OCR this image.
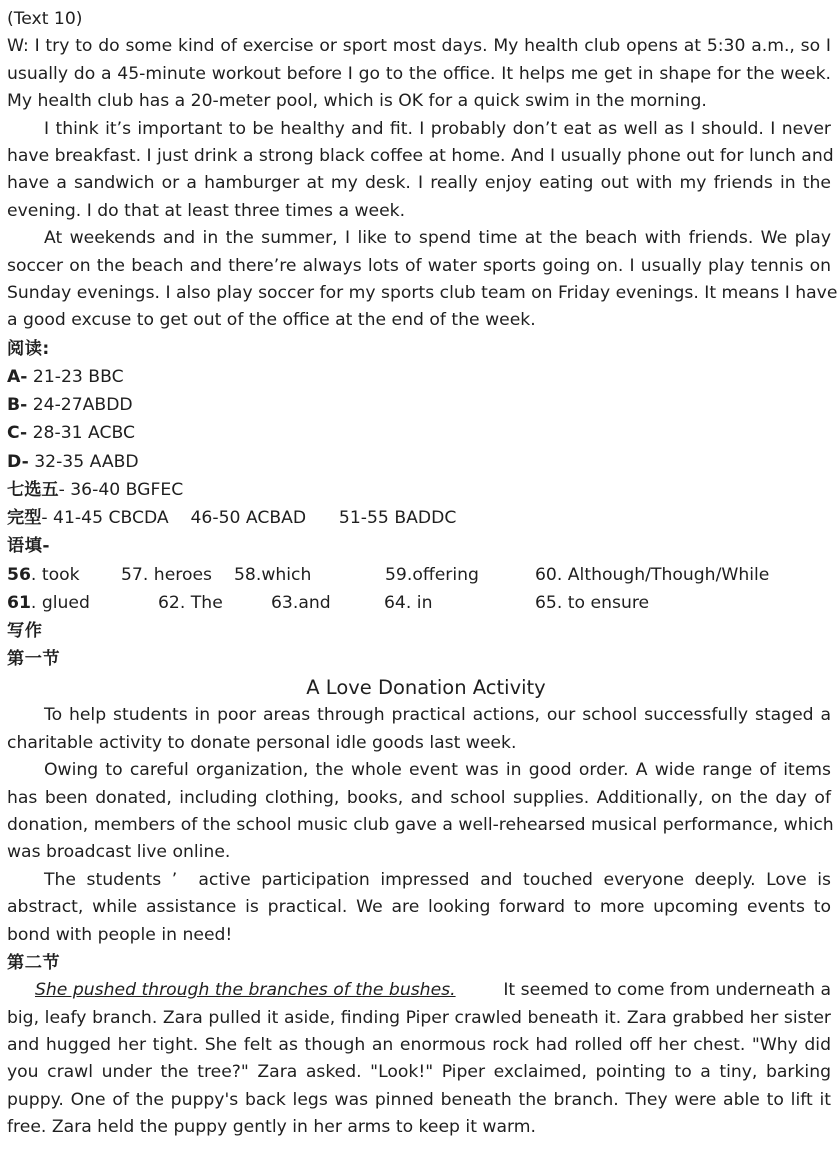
(Text 10)
W: I try to do some kind of exercise or sport most days. My health club opens at 5:30 a.m., so I
usually do a 45-minute workout before I go to the office. It helps me get in shape for the week.
My health club has a 20-meter pool, which is OK for a quick swim in the morning.
I think it’s important to be healthy and fit. I probably don’t eat as well as I should. I never
have breakfast. I just drink a strong black coffee at home. And I usually phone out for lunch and
have a sandwich or a hamburger at my desk. I really enjoy eating out with my friends in the
evening. I do that at least three times a week.
At weekends and in the summer, I like to spend time at the beach with friends. We play
soccer on the beach and there’re always lots of water sports going on. I usually play tennis on
Sunday evenings. I also play soccer for my sports club team on Friday evenings. It means I have
a good excuse to get out of the office at the end of the week.
阅读:
A- 21-23 BBC
B- 24-27ABDD
C- 28-31 ACBC
D- 32-35 AABD
七选五- 36-40 BGFEC
完型- 41-45 CBCDA    46-50 ACBAD      51-55 BADDC
语填-
56. took 57. heroes 58.which	59.offering	60. Although/Though/While
61. glued	62. The	63.and	64. in	65. to ensure
写作
第一节
A Love Donation Activity
To help students in poor areas through practical actions, our school successfully staged a
charitable activity to donate personal idle goods last week.
Owing to careful organization, the whole event was in good order. A wide range of items
has been donated, including clothing, books, and school supplies. Additionally, on the day of
donation, members of the school music club gave a well-rehearsed musical performance, which
was broadcast live online.
The students ’  active participation impressed and touched everyone deeply. Love is
abstract, while assistance is practical. We are looking forward to more upcoming events to
bond with people in need!
第二节
She pushed through the branches of the bushes.	It seemed to come from underneath a
big, leafy branch. Zara pulled it aside, finding Piper crawled beneath it. Zara grabbed her sister
and hugged her tight. She felt as though an enormous rock had rolled off her chest. "Why did
you crawl under the tree?" Zara asked. "Look!" Piper exclaimed, pointing to a tiny, barking
puppy. One of the puppy's back legs was pinned beneath the branch. They were able to lift it
free. Zara held the puppy gently in her arms to keep it warm.
